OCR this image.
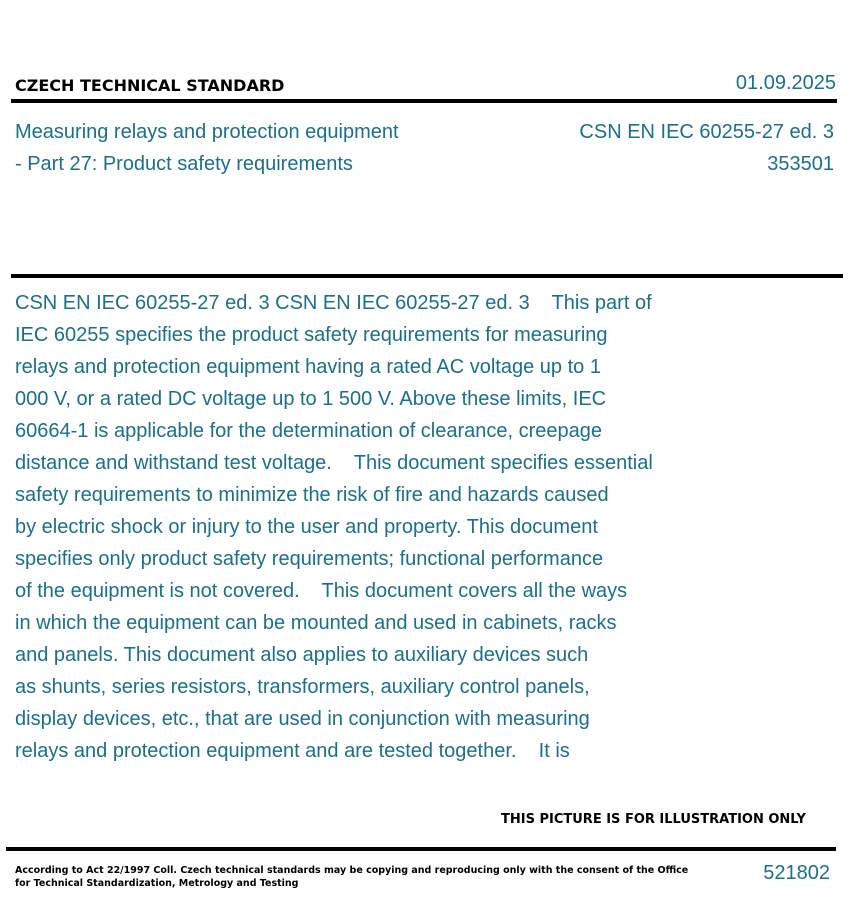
CZECH TECHNICAL STANDARD	01.09.2025
Measuring relays and protection equipment
- Part 27: Product safety requirements
CSN EN IEC 60255-27 ed. 3
353501
CSN EN IEC 60255-27 ed. 3 CSN EN IEC 60255-27 ed. 3    This part of
IEC 60255 specifies the product safety requirements for measuring
relays and protection equipment having a rated AC voltage up to 1
000 V, or a rated DC voltage up to 1 500 V. Above these limits, IEC
60664-1 is applicable for the determination of clearance, creepage
distance and withstand test voltage.    This document specifies essential
safety requirements to minimize the risk of fire and hazards caused
by electric shock or injury to the user and property. This document
specifies only product safety requirements; functional performance
of the equipment is not covered.    This document covers all the ways
in which the equipment can be mounted and used in cabinets, racks
and panels. This document also applies to auxiliary devices such
as shunts, series resistors, transformers, auxiliary control panels,
display devices, etc., that are used in conjunction with measuring
relays and protection equipment and are tested together.    It is
THIS PICTURE IS FOR ILLUSTRATION ONLY
According to Act 22/1997 Coll. Czech technical standards may be copying and reproducing only with the consent of the Office
for Technical Standardization, Metrology and Testing	521802
